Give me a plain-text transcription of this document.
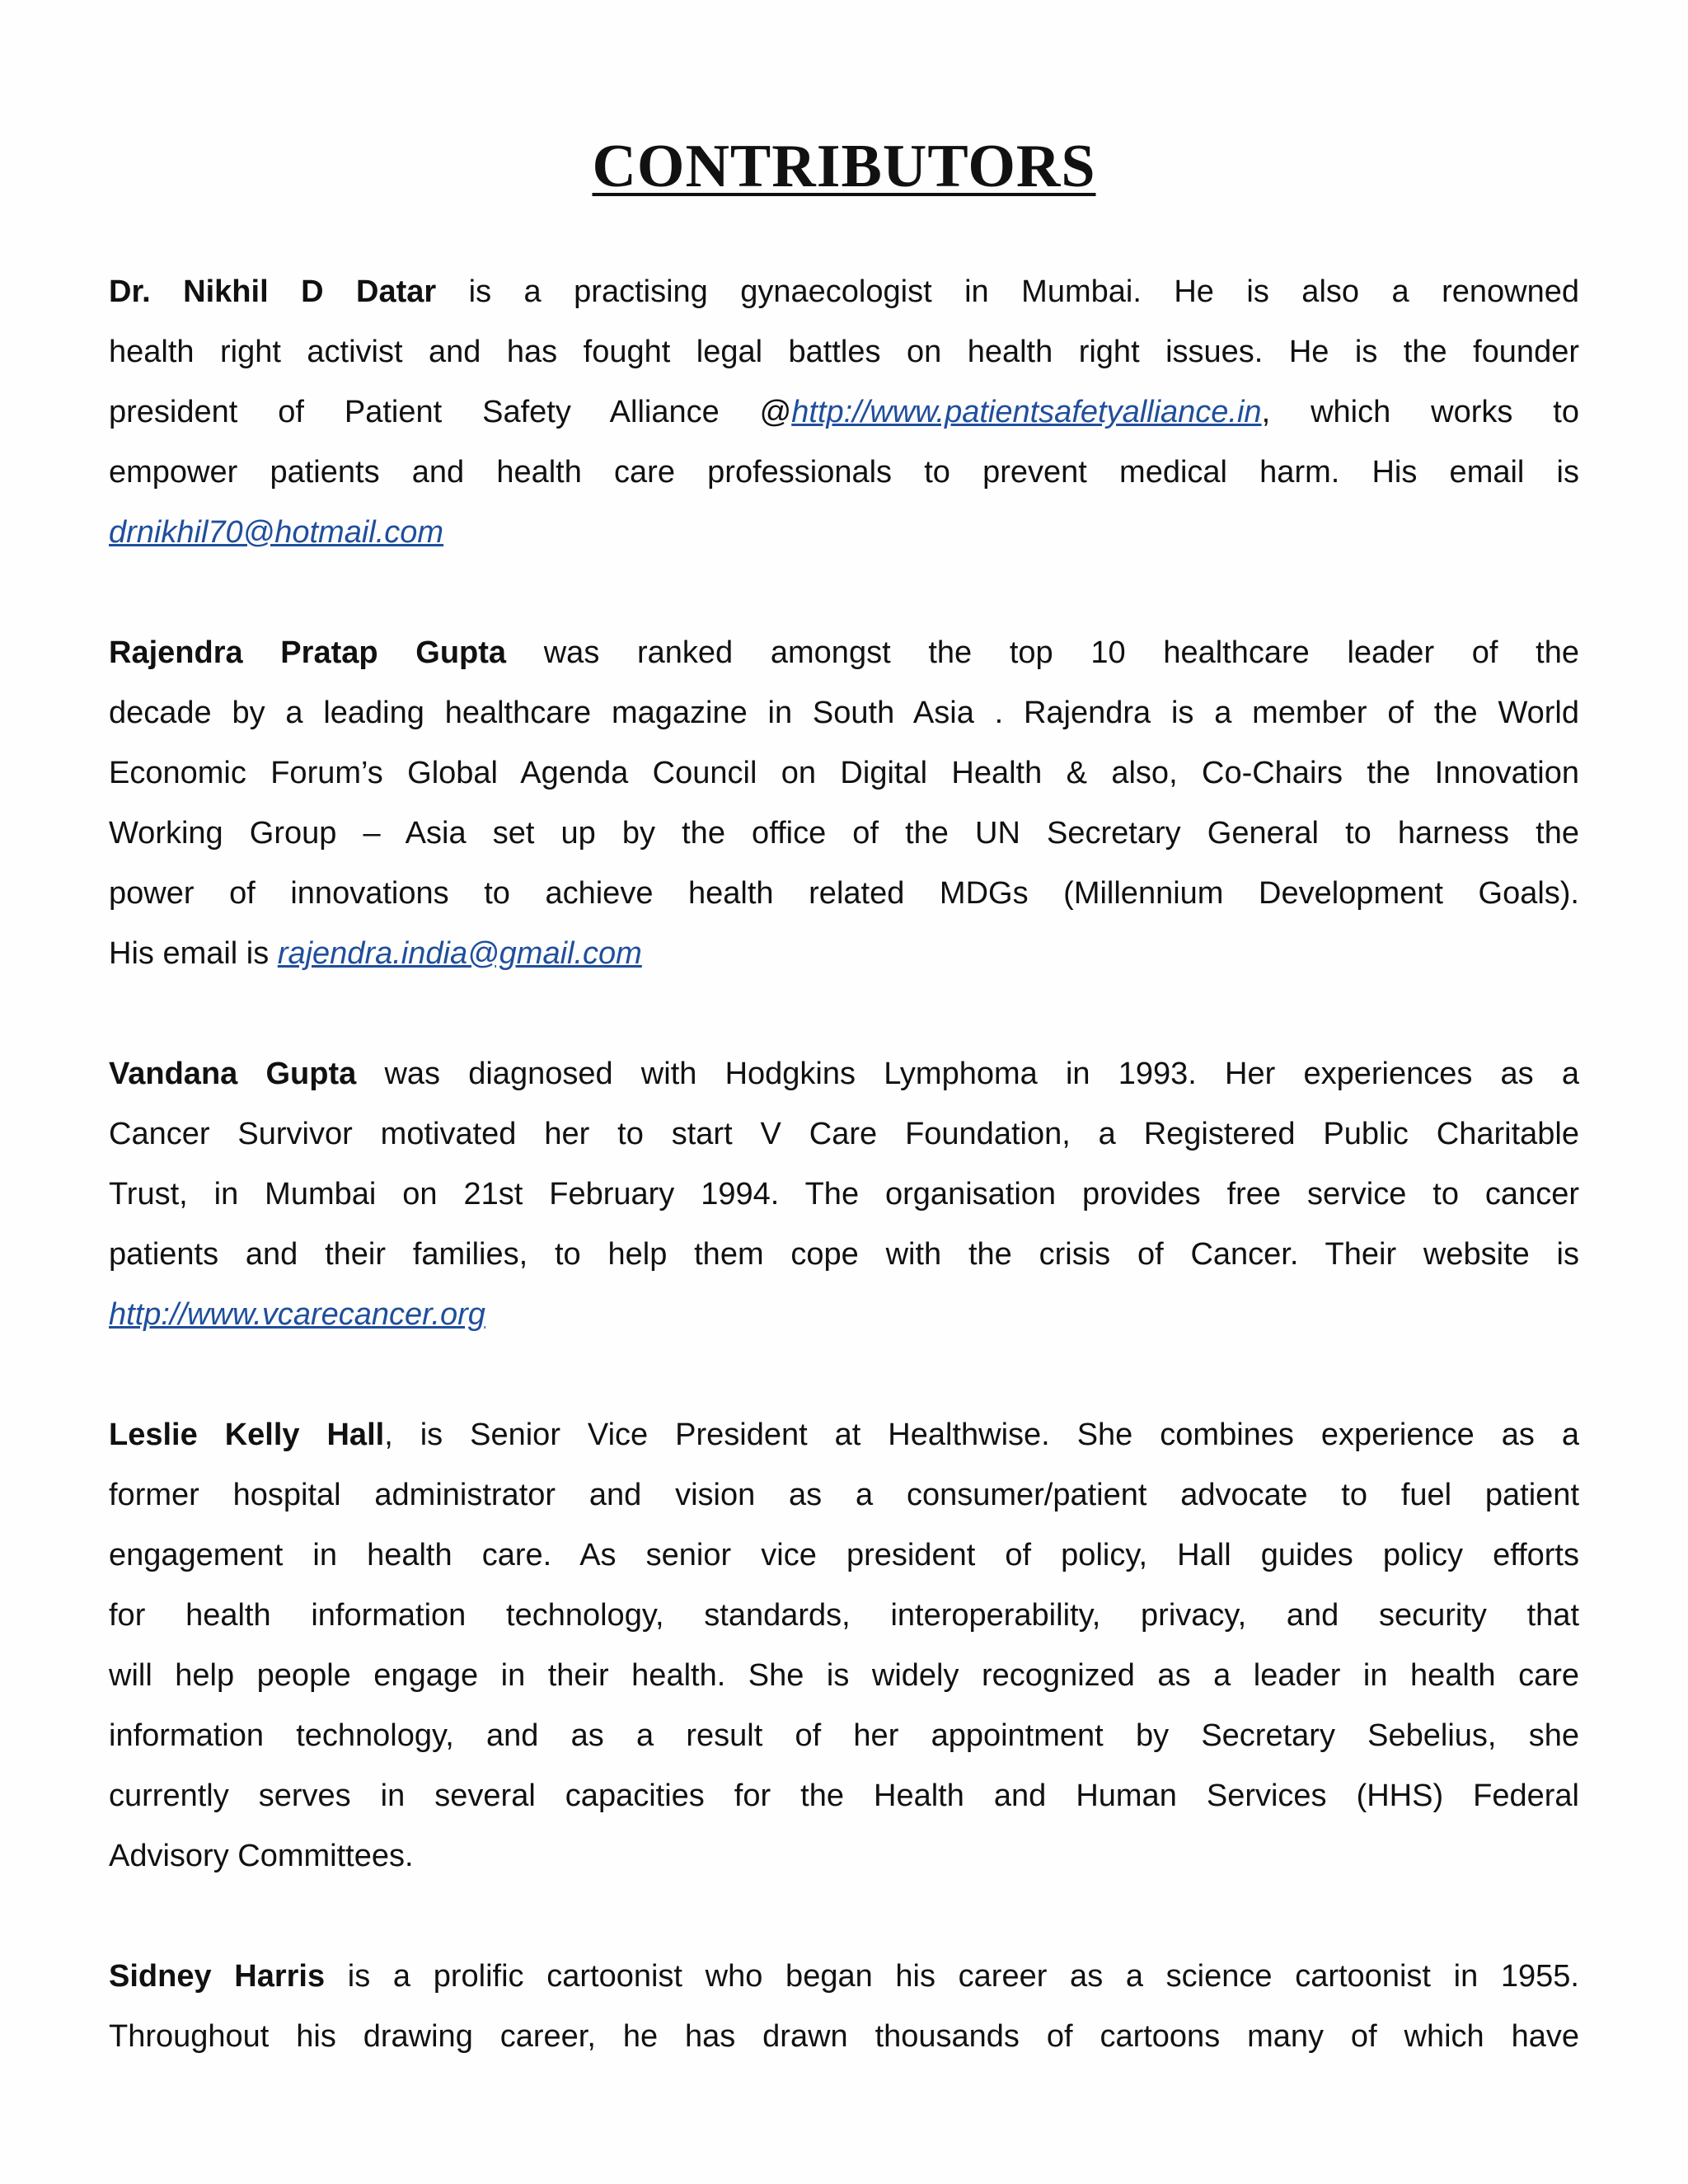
CONTRIBUTORS
Dr. Nikhil D Datar is a practising gynaecologist in Mumbai. He is also a renowned
health right activist and has fought legal battles on health right issues. He is the founder
president of Patient Safety Alliance @http://www.patientsafetyalliance.in, which works to
empower patients and health care professionals to prevent medical harm. His email is
drnikhil70@hotmail.com
Rajendra Pratap Gupta was ranked amongst the top 10 healthcare leader of the
decade by a leading healthcare magazine in South Asia . Rajendra is a member of the World
Economic Forum’s Global Agenda Council on Digital Health & also, Co-Chairs the Innovation
Working Group – Asia set up by the office of the UN Secretary General to harness the
power of innovations to achieve health related MDGs (Millennium Development Goals).
His email is rajendra.india@gmail.com
Vandana Gupta was diagnosed with Hodgkins Lymphoma in 1993. Her experiences as a
Cancer Survivor motivated her to start V Care Foundation, a Registered Public Charitable
Trust, in Mumbai on 21st February 1994. The organisation provides free service to cancer
patients and their families, to help them cope with the crisis of Cancer. Their website is
http://www.vcarecancer.org
Leslie Kelly Hall, is Senior Vice President at Healthwise. She combines experience as a
former hospital administrator and vision as a consumer/patient advocate to fuel patient
engagement in health care. As senior vice president of policy, Hall guides policy efforts
for health information technology, standards, interoperability, privacy, and security that
will help people engage in their health. She is widely recognized as a leader in health care
information technology, and as a result of her appointment by Secretary Sebelius, she
currently serves in several capacities for the Health and Human Services (HHS) Federal
Advisory Committees.
Sidney Harris is a prolific cartoonist who began his career as a science cartoonist in 1955.
Throughout his drawing career, he has drawn thousands of cartoons many of which have
